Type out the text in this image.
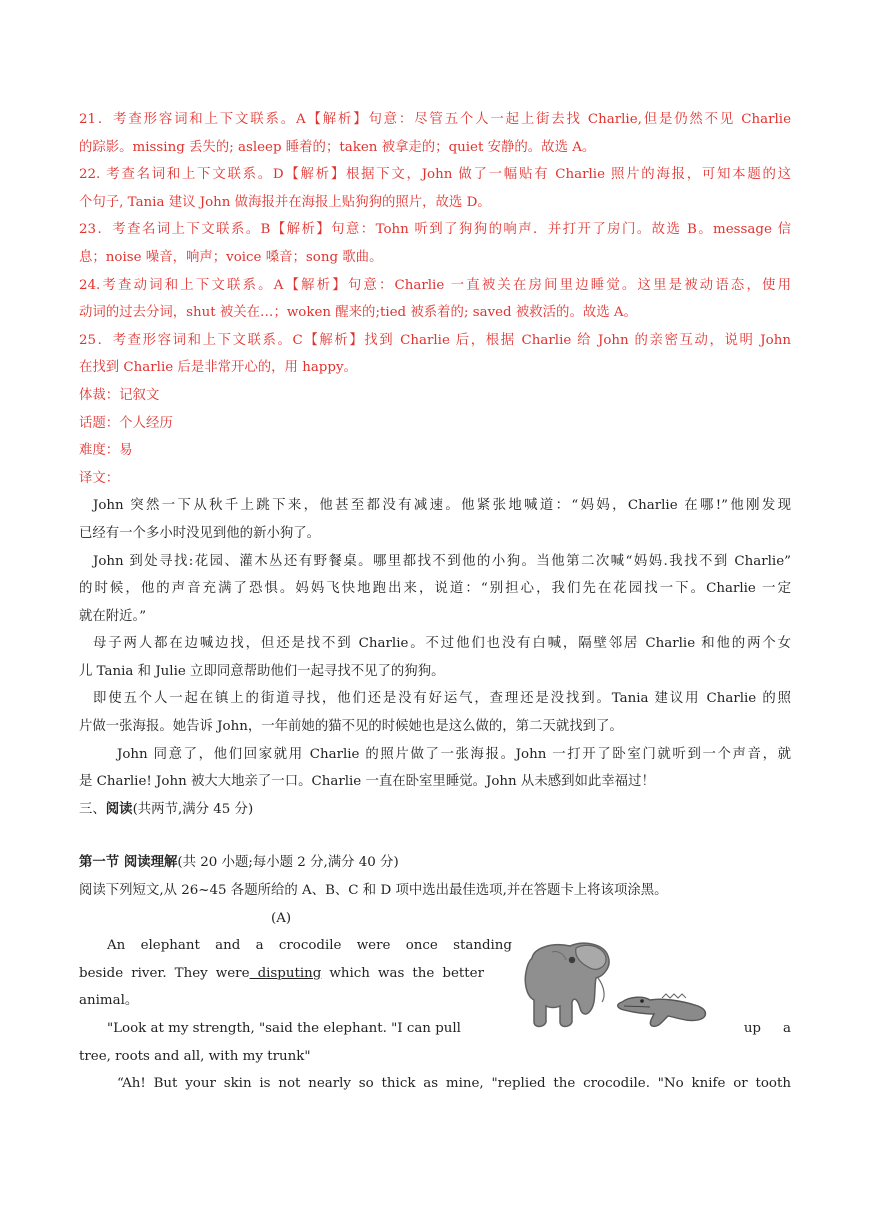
21．考查形容词和上下文联系。A【解析】句意：尽管五个人一起上街去找 Charlie,但是仍然不见 Charlie
的踪影。missing 丢失的; asleep 睡着的；taken 被拿走的；quiet 安静的。故选 A。
22. 考查名词和上下文联系。D【解析】根据下文，John 做了一幅贴有 Charlie 照片的海报，可知本题的这
个句子, Tania 建议 John 做海报并在海报上贴狗狗的照片，故选 D。
23．考查名词上下文联系。B【解析】句意：Tohn 听到了狗狗的响声．并打开了房门。故选 B。message 信
息；noise 噪音，响声；voice 嗓音；song 歌曲。
24.考查动词和上下文联系。A【解析】句意：Charlie 一直被关在房间里边睡觉。这里是被动语态，使用
动词的过去分词，shut 被关在…；woken 醒来的;tied 被系着的; saved 被救活的。故选 A。
25．考查形容词和上下文联系。C【解析】找到 Charlie 后，根据 Charlie 给 John 的亲密互动，说明 John
在找到 Charlie 后是非常开心的，用 happy。
体裁：记叙文
话题：个人经历
难度：易
译文：
John 突然一下从秋千上跳下来，他甚至都没有减速。他紧张地喊道：“妈妈，Charlie 在哪!”他刚发现
已经有一个多小时没见到他的新小狗了。
John 到处寻找:花园、灌木丛还有野餐桌。哪里都找不到他的小狗。当他第二次喊“妈妈.我找不到 Charlie”
的时候，他的声音充满了恐惧。妈妈飞快地跑出来，说道：“别担心，我们先在花园找一下。Charlie 一定
就在附近。”
母子两人都在边喊边找，但还是找不到 Charlie。不过他们也没有白喊，隔壁邻居 Charlie 和他的两个女
儿 Tania 和 Julie 立即同意帮助他们一起寻找不见了的狗狗。
即使五个人一起在镇上的街道寻找，他们还是没有好运气，查理还是没找到。Tania 建议用 Charlie 的照
片做一张海报。她告诉 John，一年前她的猫不见的时候她也是这么做的，第二天就找到了。
John 同意了，他们回家就用 Charlie 的照片做了一张海报。John 一打开了卧室门就听到一个声音，就
是 Charlie! John 被大大地亲了一口。Charlie 一直在卧室里睡觉。John 从未感到如此幸福过！
三、阅读(共两节,满分 45 分)
第一节 阅读理解(共 20 小题;每小题 2 分,满分 40 分)
阅读下列短文,从 26~45 各题所给的 A、B、C 和 D 项中选出最佳选项,并在答题卡上将该项涂黑。
(A)
An elephant and a crocodile were once standing
beside river. They were disputing which was the better
animal。
"Look at my strength, "said the elephant. "I can pull	up a
tree, roots and all, with my trunk"
“Ah! But your skin is not nearly so thick as mine, "replied the crocodile. "No knife or tooth
